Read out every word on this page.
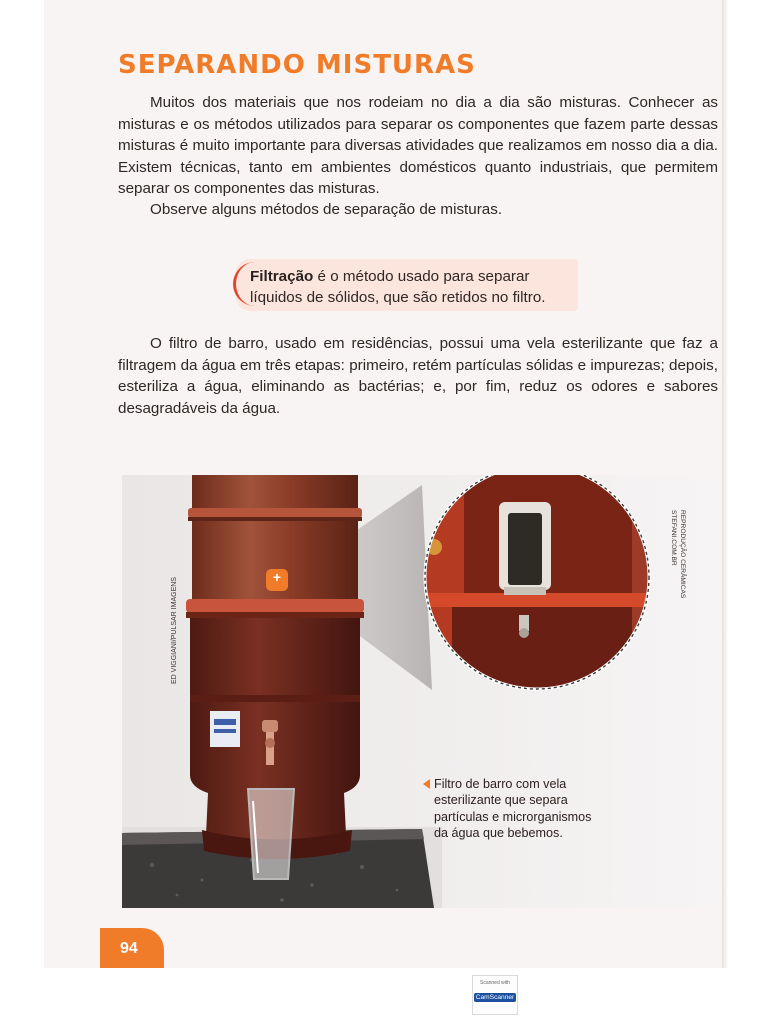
SEPARANDO MISTURAS

Muitos dos materiais que nos rodeiam no dia a dia são misturas. Conhecer as misturas e os métodos utilizados para separar os componentes que fazem parte dessas misturas é muito importante para diversas atividades que realizamos em nosso dia a dia. Existem técnicas, tanto em ambientes domésticos quanto industriais, que permitem separar os componentes das misturas.

Observe alguns métodos de separação de misturas.

Filtração é o método usado para separar líquidos de sólidos, que são retidos no filtro.

O filtro de barro, usado em residências, possui uma vela esterilizante que faz a filtragem da água em três etapas: primeiro, retém partículas sólidas e impurezas; depois, esteriliza a água, eliminando as bactérias; e, por fim, reduz os odores e sabores desagradáveis da água.

+
ED VIGGIANI/PULSAR IMAGENS
REPRODUÇÃO CERÂMICAS
STEFANI.COM.BR

Filtro de barro com vela esterilizante que separa partículas e microrganismos da água que bebemos.

94
Scanned with
CamScanner
